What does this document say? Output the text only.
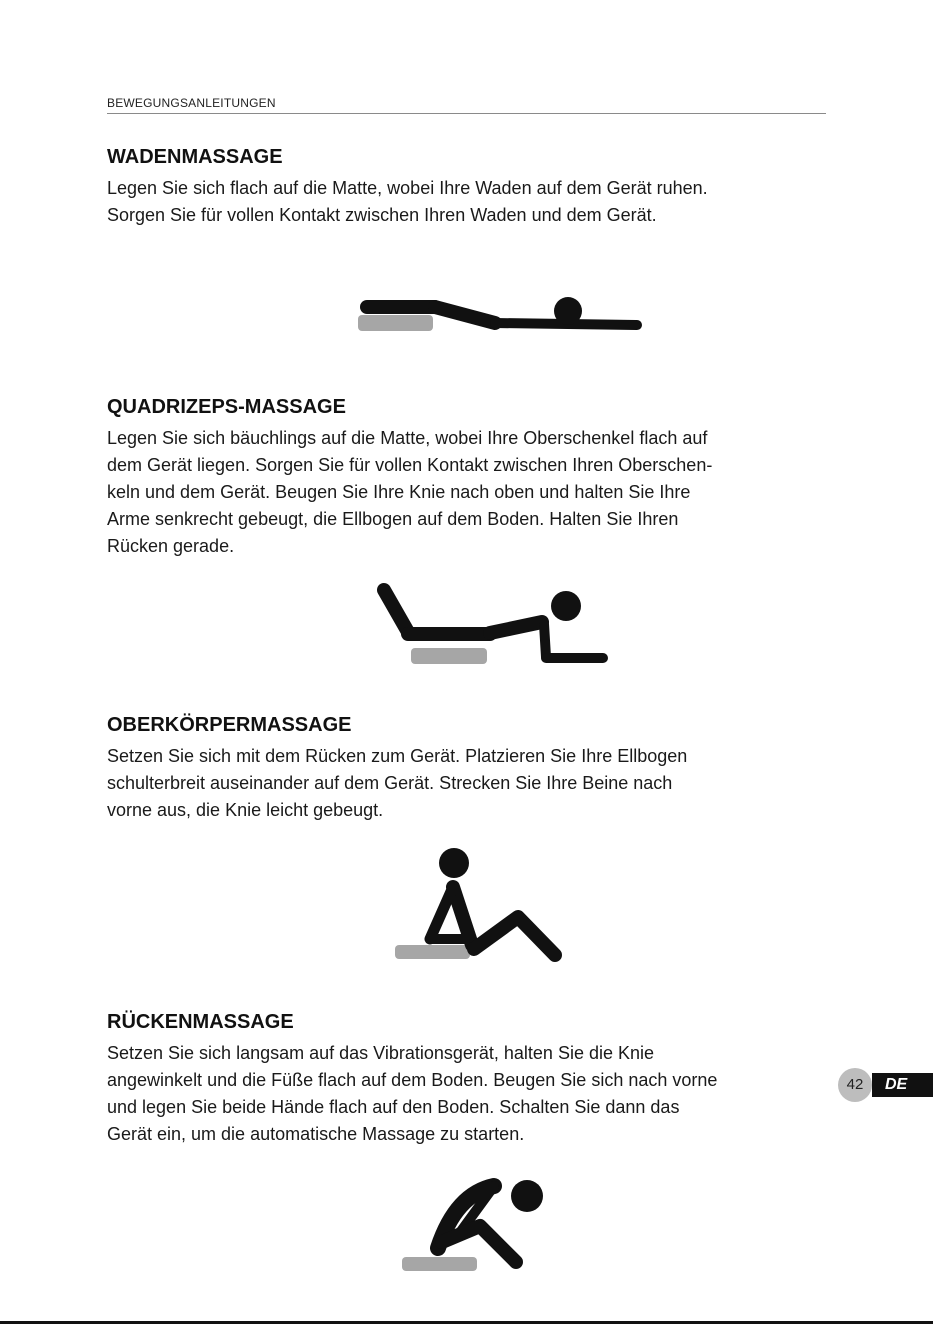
BEWEGUNGSANLEITUNGEN
WADENMASSAGE

Legen Sie sich flach auf die Matte, wobei Ihre Waden auf dem Gerät ruhen.
Sorgen Sie für vollen Kontakt zwischen Ihren Waden und dem Gerät.

QUADRIZEPS-MASSAGE

Legen Sie sich bäuchlings auf die Matte, wobei Ihre Oberschenkel flach auf
dem Gerät liegen. Sorgen Sie für vollen Kontakt zwischen Ihren Oberschen-
keln und dem Gerät. Beugen Sie Ihre Knie nach oben und halten Sie Ihre
Arme senkrecht gebeugt, die Ellbogen auf dem Boden. Halten Sie Ihren
Rücken gerade.

OBERKÖRPERMASSAGE

Setzen Sie sich mit dem Rücken zum Gerät. Platzieren Sie Ihre Ellbogen
schulterbreit auseinander auf dem Gerät. Strecken Sie Ihre Beine nach
vorne aus, die Knie leicht gebeugt.

RÜCKENMASSAGE

Setzen Sie sich langsam auf das Vibrationsgerät, halten Sie die Knie
angewinkelt und die Füße flach auf dem Boden. Beugen Sie sich nach vorne
und legen Sie beide Hände flach auf den Boden. Schalten Sie dann das
Gerät ein, um die automatische Massage zu starten.

DE
42
